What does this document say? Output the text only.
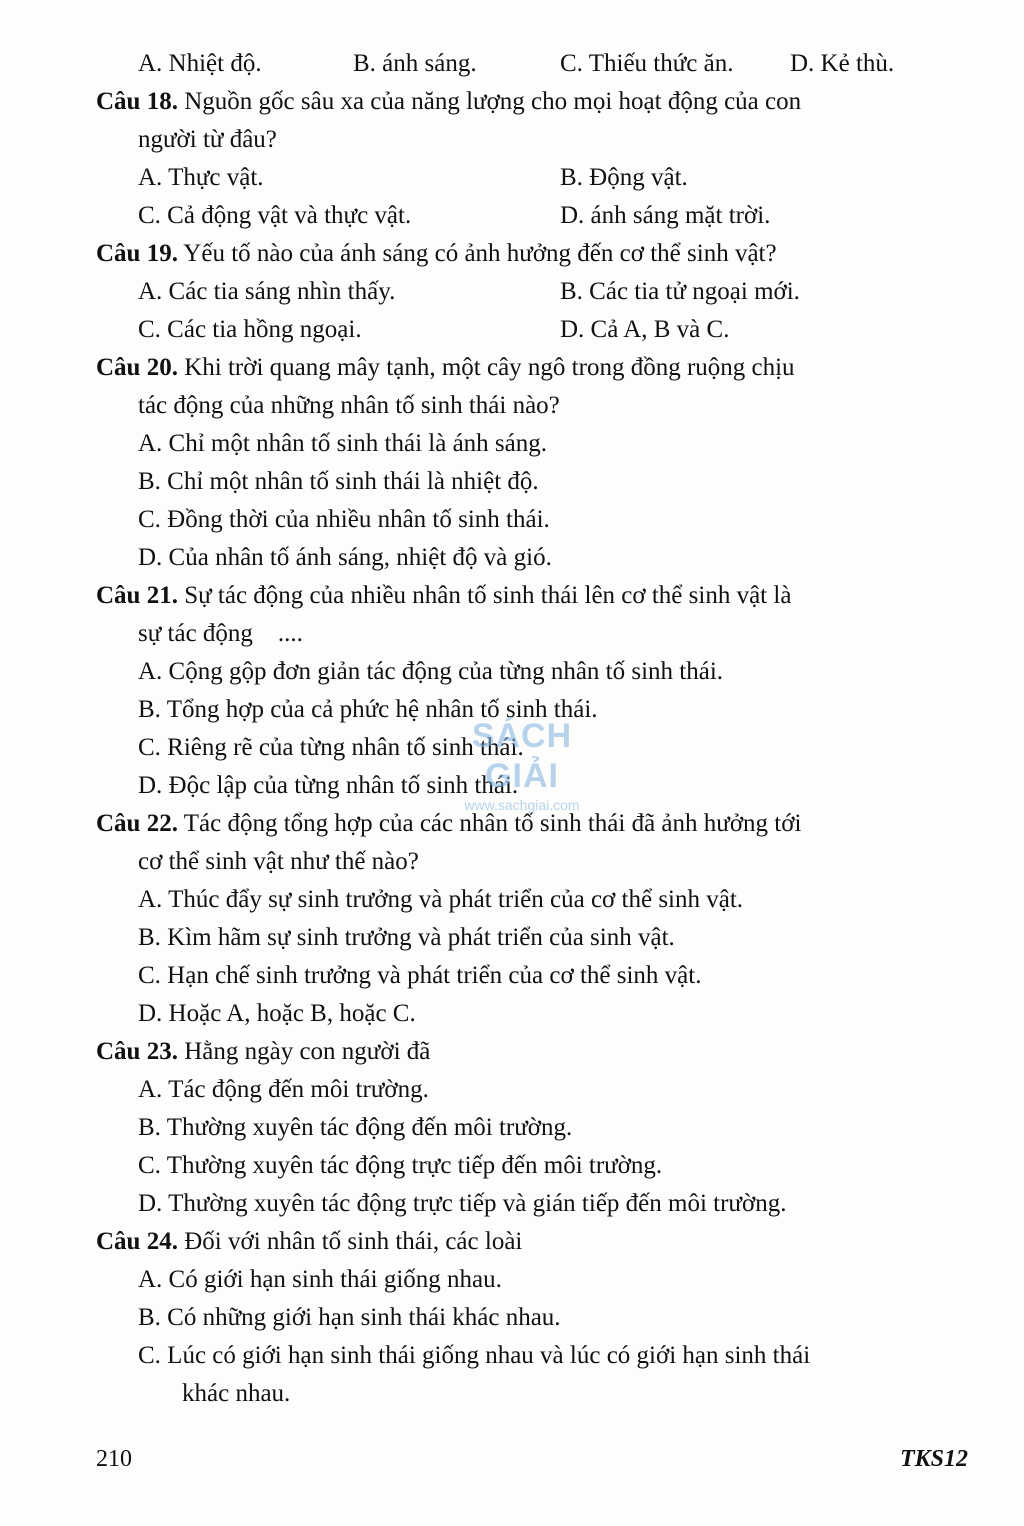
A. Nhiệt độ.	B. ánh sáng.	C. Thiếu thức ăn. D. Kẻ thù.
Câu 18. Nguồn gốc sâu xa của năng lượng cho mọi hoạt động của con
người từ đâu?
A. Thực vật.	B. Động vật.
C. Cả động vật và thực vật.	D. ánh sáng mặt trời.
Câu 19. Yếu tố nào của ánh sáng có ảnh hưởng đến cơ thể sinh vật?
A. Các tia sáng nhìn thấy.	B. Các tia tử ngoại mới.
C. Các tia hồng ngoại.	D. Cả A, B và C.
Câu 20. Khi trời quang mây tạnh, một cây ngô trong đồng ruộng chịu
tác động của những nhân tố sinh thái nào?
A. Chỉ một nhân tố sinh thái là ánh sáng.
B. Chỉ một nhân tố sinh thái là nhiệt độ.
C. Đồng thời của nhiều nhân tố sinh thái.
D. Của nhân tố ánh sáng, nhiệt độ và gió.
Câu 21. Sự tác động của nhiều nhân tố sinh thái lên cơ thể sinh vật là
sự tác động    ....
A. Cộng gộp đơn giản tác động của từng nhân tố sinh thái.
B. Tổng hợp của cả phức hệ nhân tố sinh thái.
C. Riêng rẽ của từng nhân tố sinh thái.
D. Độc lập của từng nhân tố sinh thái.
Câu 22. Tác động tổng hợp của các nhân tố sinh thái đã ảnh hưởng tới
cơ thể sinh vật như thế nào?
A. Thúc đẩy sự sinh trưởng và phát triển của cơ thể sinh vật.
B. Kìm hãm sự sinh trưởng và phát triển của sinh vật.
C. Hạn chế sinh trưởng và phát triển của cơ thể sinh vật.
D. Hoặc A, hoặc B, hoặc C.
Câu 23. Hằng ngày con người đã
A. Tác động đến môi trường.
B. Thường xuyên tác động đến môi trường.
C. Thường xuyên tác động trực tiếp đến môi trường.
D. Thường xuyên tác động trực tiếp và gián tiếp đến môi trường.
Câu 24. Đối với nhân tố sinh thái, các loài
A. Có giới hạn sinh thái giống nhau.
B. Có những giới hạn sinh thái khác nhau.
C. Lúc có giới hạn sinh thái giống nhau và lúc có giới hạn sinh thái
khác nhau.
SÁCH GIẢI
www.sachgiai.com
210	TKS12
